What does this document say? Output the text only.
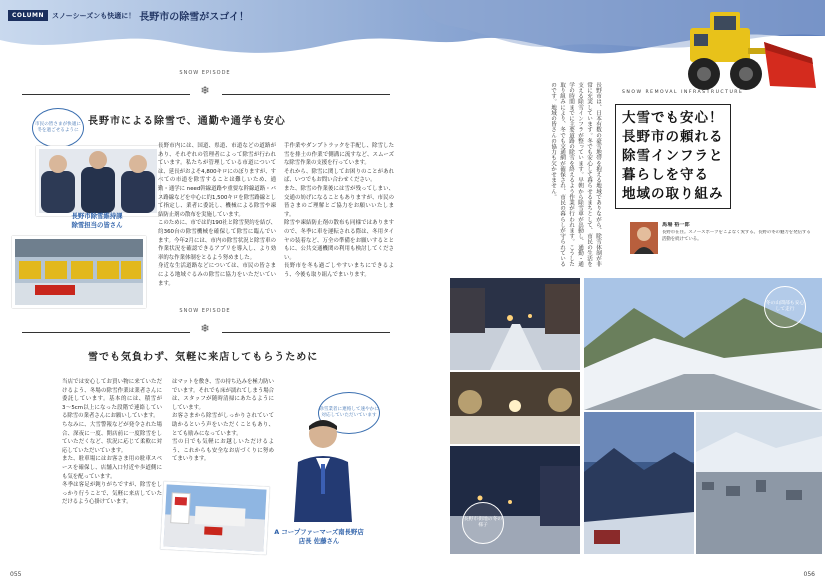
COLUMN	スノーシーズンも快適に！ 長野市の除雪がスゴイ！
SNOW EPISODE
❄
長野市による除雪で、通勤や通学も安心
市民の皆さまが快適に冬を過ごせるように
長野市除雪維持課
除雪担当の皆さん
長野市内には、国道、県道、市道などの道路があり、それぞれの管理者によって除雪が行われています。私たちが管理している市道については、延長がおよそ4,800キロにのぼりますが、すべての市道を除雪することは難しいため、通勤・通学に need幹線道路や重要な幹線道路・バス路線などを中心に約1,500キロを除雪路線として指定し、業者に委託し、機械による除雪や凍結防止剤の散布を実施しています。
このために、市では約190社と除雪契約を結び、約360台の除雪機械を確保して除雪に臨んでいます。今年2月には、市内の除雪状況と除雪車の作業状況を確認できるアプリを導入し、より効率的な作業体制をとるよう努めました。
身近な生活道路などについては、市民の皆さまによる地域ぐるみの除雪に協力をいただいています。
手作業やダンプトラックを手配し、除雪した雪を排土の作業で側溝に流すなど、スムーズな除雪作業の支援を行っています。
それから、除雪に関してお困りのことがあれば、いつでもお問い合わせください。
また、除雪の作業後には雪が残ってしまい、交通の妨げになることもありますが、市民の皆さまのご理解とご協力をお願いいたします。
除雪や凍結防止剤の散布も同様ではありますので、冬季に車を運転される際は、冬用タイヤの装着など、万全の準備をお願いするとともに、公共交通機関の利用も検討してください。
長野市を冬も過ごしやすいまちにできるよう、今後も取り組んでまいります。
SNOW EPISODE
❄
雪でも気負わず、気軽に来店してもらうために
当店では安心してお買い物に来ていただけるよう、冬場の除雪作業は業者さんに委託しています。基本的には、積雪が3〜5cm以上になった段階で連絡している除雪の業者さんにお願いしています。
ちなみに、大雪警報などが発令された場合、深夜に一度、開店前に一度除雪をしていただくなど、状況に応じて柔軟に対応していただいています。
また、駐車場にはお客さま用の駐車スペースを確保し、店舗入口付近や歩道側にも気を配っています。
冬季は客足が鈍りがちですが、除雪をしっかり行うことで、気軽に来店していただけるよう心掛けています。
はマットを敷き、雪の持ち込みを極力防いでいます。それでも床が濡れてしまう場合は、スタッフが随時清掃にあたるようにしています。
お客さまから除雪がしっかりされていて助かるという声をいただくこともあり、とても励みになっています。
雪の日でも気軽にお越しいただけるよう、これからも安全なお店づくりに努めてまいります。
除雪業者に連絡して速やかに対応していただいています
A コープファーマーズ南長野店
店長 佐藤さん
055
長野市は、日本有数の豪雪地帯を抱える地域でありながら、除雪体制が非常に充実しています。冬でも安心して暮らせるまちとして、市民の生活を支える除雪インフラが整っています。早朝から除雪車が出動し、通勤・通学の時間までに主要道路の除雪を終えるよう作業が行われます。こうした取り組みにより、冬でも交通網が確保され、市民の暮らしが守られているのです。地域の皆さんの協力も欠かせません。	SNOW REMOVAL INFRASTRUCTURE
大雪でも安心！
長野市の頼れる
除雪インフラと
暮らしを守る
地域の取り組み
馬場 裕一郎
長野市在住。スノースポーツをこよなく愛する。長野の冬の魅力を発信する活動を続けている。
冬の山間部も安心して走行
長野市街地の冬の様子
056
